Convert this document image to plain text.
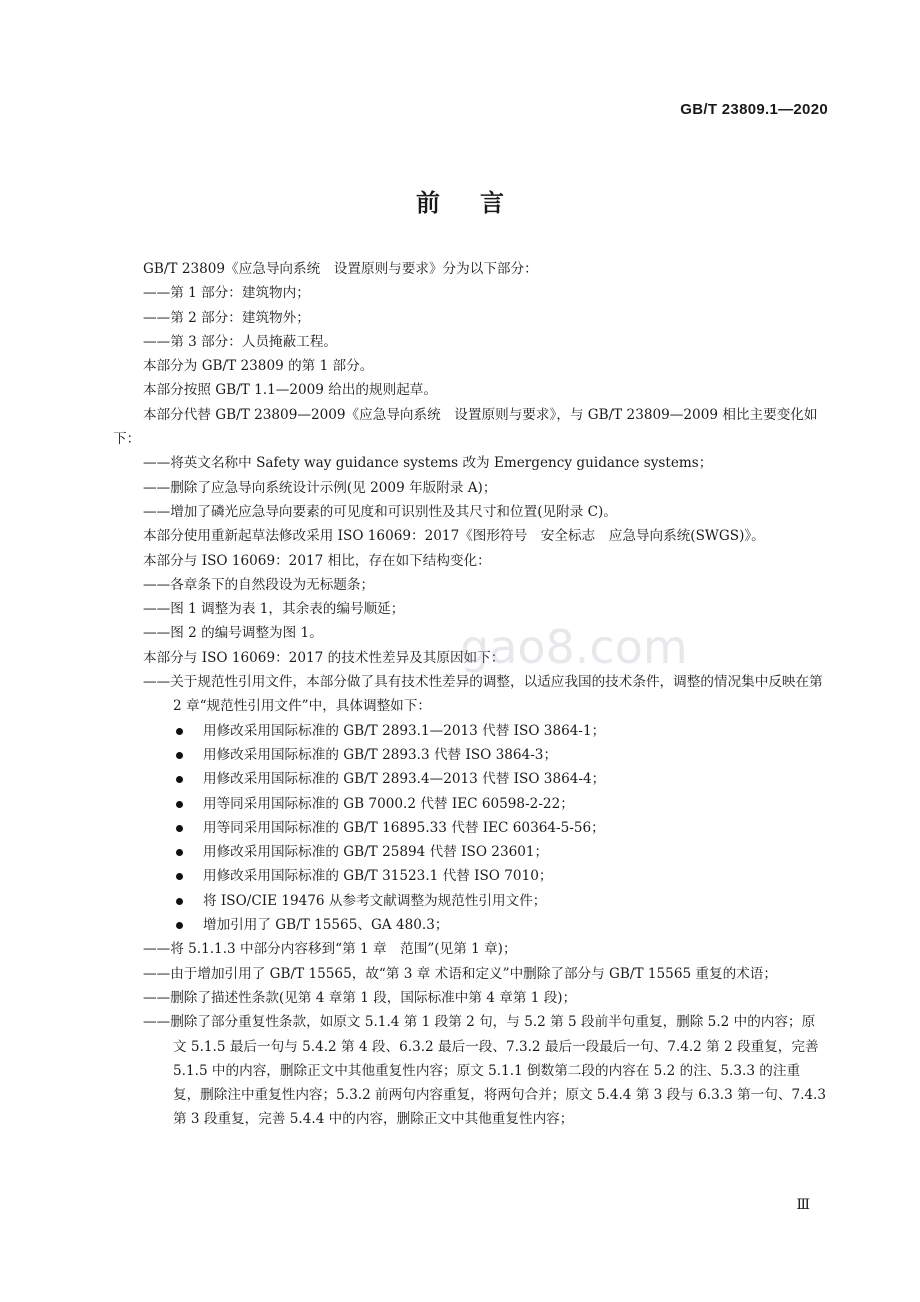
GB/T 23809.1—2020
前言

GB/T 23809《应急导向系统　设置原则与要求》分为以下部分：

——第 1 部分：建筑物内；

——第 2 部分：建筑物外；

——第 3 部分：人员掩蔽工程。

本部分为 GB/T 23809 的第 1 部分。

本部分按照 GB/T 1.1—2009 给出的规则起草。

本部分代替 GB/T 23809—2009《应急导向系统　设置原则与要求》，与 GB/T 23809—2009 相比主要变化如下：

——将英文名称中 Safety way guidance systems 改为 Emergency guidance systems；

——删除了应急导向系统设计示例(见 2009 年版附录 A)；

——增加了磷光应急导向要素的可见度和可识别性及其尺寸和位置(见附录 C)。

本部分使用重新起草法修改采用 ISO 16069：2017《图形符号　安全标志　应急导向系统(SWGS)》。

本部分与 ISO 16069：2017 相比，存在如下结构变化：

——各章条下的自然段设为无标题条；

——图 1 调整为表 1，其余表的编号顺延；

——图 2 的编号调整为图 1。

本部分与 ISO 16069：2017 的技术性差异及其原因如下：

——关于规范性引用文件，本部分做了具有技术性差异的调整，以适应我国的技术条件，调整的情况集中反映在第 2 章“规范性引用文件”中，具体调整如下：

用修改采用国际标准的 GB/T 2893.1—2013 代替 ISO 3864-1；

用修改采用国际标准的 GB/T 2893.3 代替 ISO 3864-3；

用修改采用国际标准的 GB/T 2893.4—2013 代替 ISO 3864-4；

用等同采用国际标准的 GB 7000.2 代替 IEC 60598-2-22；

用等同采用国际标准的 GB/T 16895.33 代替 IEC 60364-5-56；

用修改采用国际标准的 GB/T 25894 代替 ISO 23601；

用修改采用国际标准的 GB/T 31523.1 代替 ISO 7010；

将 ISO/CIE 19476 从参考文献调整为规范性引用文件；

增加引用了 GB/T 15565、GA 480.3；

——将 5.1.1.3 中部分内容移到“第 1 章　范围”(见第 1 章)；

——由于增加引用了 GB/T 15565，故“第 3 章 术语和定义”中删除了部分与 GB/T 15565 重复的术语；

——删除了描述性条款(见第 4 章第 1 段，国际标准中第 4 章第 1 段)；

——删除了部分重复性条款，如原文 5.1.4 第 1 段第 2 句，与 5.2 第 5 段前半句重复，删除 5.2 中的内容；原文 5.1.5 最后一句与 5.4.2 第 4 段、6.3.2 最后一段、7.3.2 最后一段最后一句、7.4.2 第 2 段重复，完善 5.1.5 中的内容，删除正文中其他重复性内容；原文 5.1.1 倒数第二段的内容在 5.2 的注、5.3.3 的注重复，删除注中重复性内容；5.3.2 前两句内容重复，将两句合并；原文 5.4.4 第 3 段与 6.3.3 第一句、7.4.3 第 3 段重复，完善 5.4.4 中的内容，删除正文中其他重复性内容；

gao8.com
Ⅲ
